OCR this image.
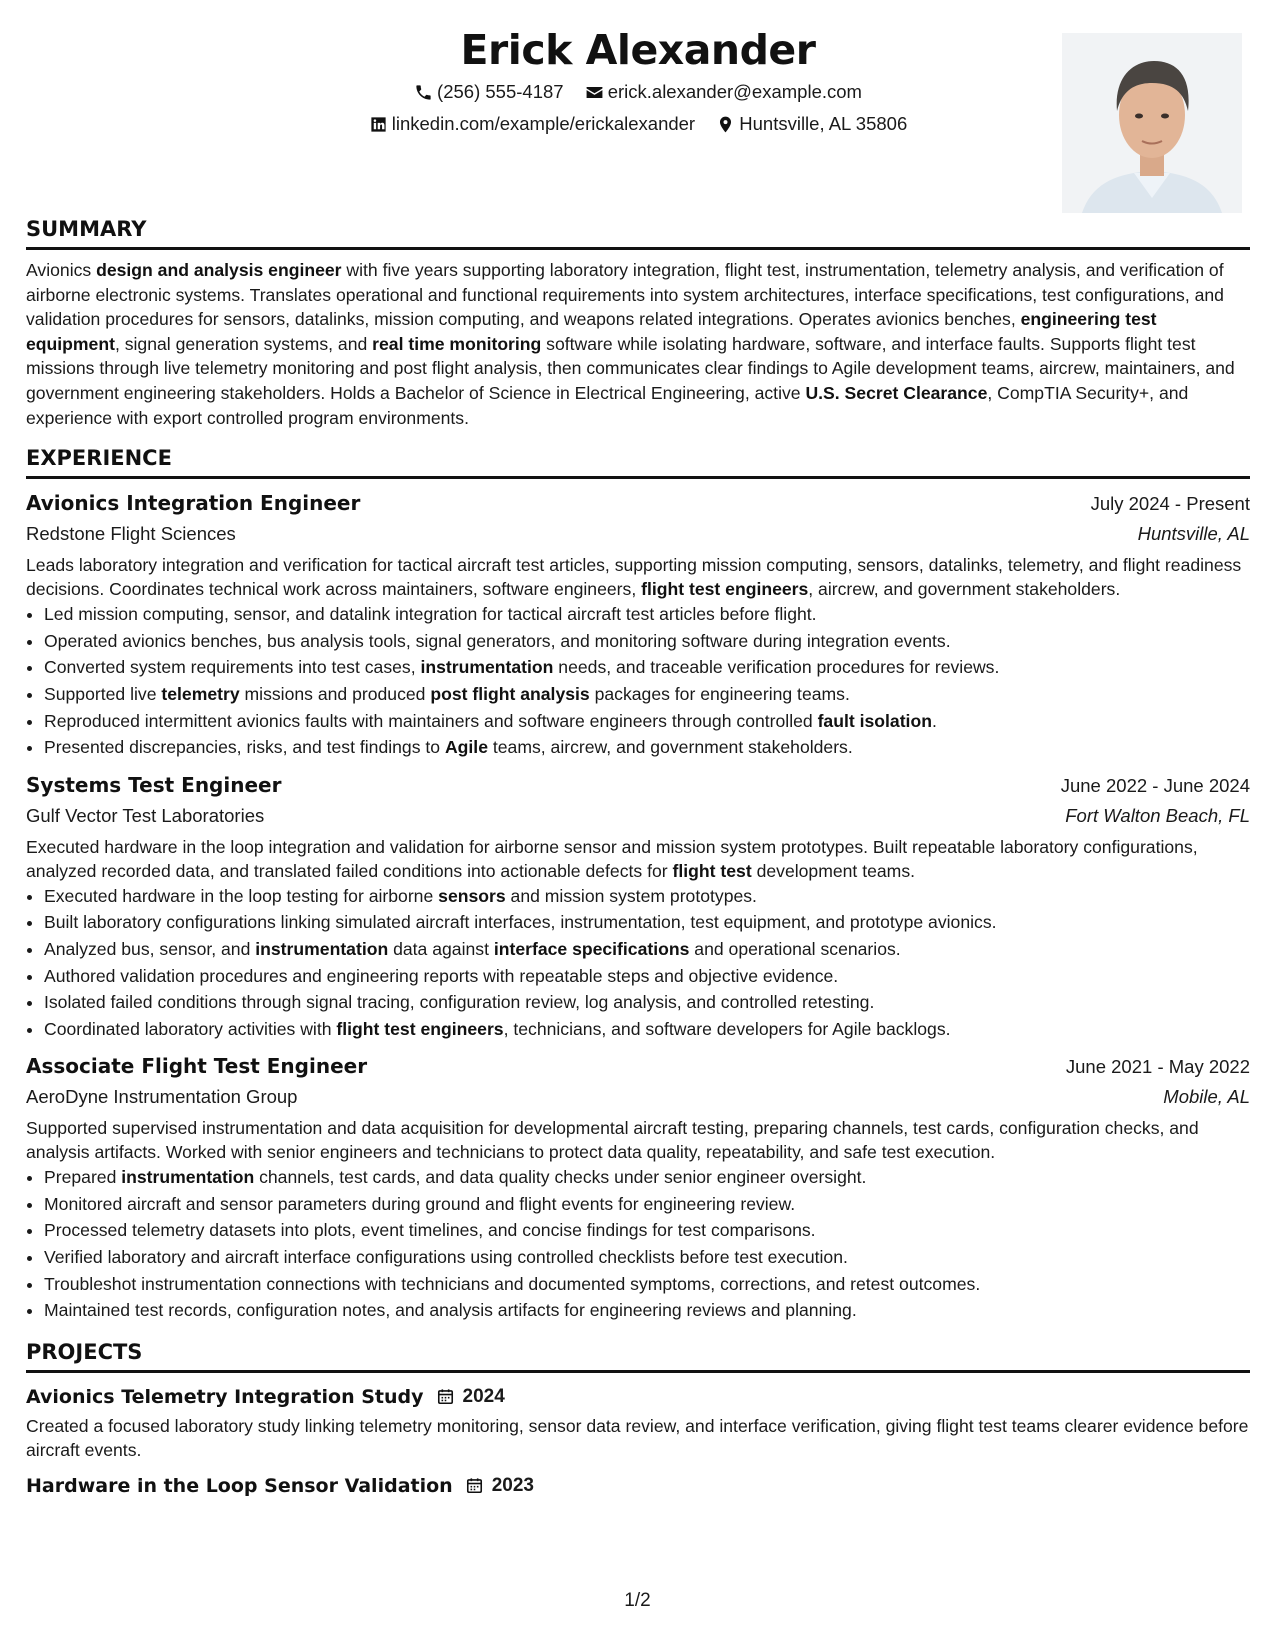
Erick Alexander
(256) 555-4187
erick.alexander@example.com
linkedin.com/example/erickalexander
Huntsville, AL 35806
SUMMARY
Avionics design and analysis engineer with five years supporting laboratory integration, flight test, instrumentation, telemetry analysis, and verification of airborne electronic systems. Translates operational and functional requirements into system architectures, interface specifications, test configurations, and validation procedures for sensors, datalinks, mission computing, and weapons related integrations. Operates avionics benches, engineering test equipment, signal generation systems, and real time monitoring software while isolating hardware, software, and interface faults. Supports flight test missions through live telemetry monitoring and post flight analysis, then communicates clear findings to Agile development teams, aircrew, maintainers, and government engineering stakeholders. Holds a Bachelor of Science in Electrical Engineering, active U.S. Secret Clearance, CompTIA Security+, and experience with export controlled program environments.
EXPERIENCE
Avionics Integration Engineer	July 2024 - Present
Redstone Flight Sciences	Huntsville, AL
Leads laboratory integration and verification for tactical aircraft test articles, supporting mission computing, sensors, datalinks, telemetry, and flight readiness decisions. Coordinates technical work across maintainers, software engineers, flight test engineers, aircrew, and government stakeholders.
• Led mission computing, sensor, and datalink integration for tactical aircraft test articles before flight.
• Operated avionics benches, bus analysis tools, signal generators, and monitoring software during integration events.
• Converted system requirements into test cases, instrumentation needs, and traceable verification procedures for reviews.
• Supported live telemetry missions and produced post flight analysis packages for engineering teams.
• Reproduced intermittent avionics faults with maintainers and software engineers through controlled fault isolation.
• Presented discrepancies, risks, and test findings to Agile teams, aircrew, and government stakeholders.
Systems Test Engineer	June 2022 - June 2024
Gulf Vector Test Laboratories	Fort Walton Beach, FL
Executed hardware in the loop integration and validation for airborne sensor and mission system prototypes. Built repeatable laboratory configurations, analyzed recorded data, and translated failed conditions into actionable defects for flight test development teams.
• Executed hardware in the loop testing for airborne sensors and mission system prototypes.
• Built laboratory configurations linking simulated aircraft interfaces, instrumentation, test equipment, and prototype avionics.
• Analyzed bus, sensor, and instrumentation data against interface specifications and operational scenarios.
• Authored validation procedures and engineering reports with repeatable steps and objective evidence.
• Isolated failed conditions through signal tracing, configuration review, log analysis, and controlled retesting.
• Coordinated laboratory activities with flight test engineers, technicians, and software developers for Agile backlogs.
Associate Flight Test Engineer	June 2021 - May 2022
AeroDyne Instrumentation Group	Mobile, AL
Supported supervised instrumentation and data acquisition for developmental aircraft testing, preparing channels, test cards, configuration checks, and analysis artifacts. Worked with senior engineers and technicians to protect data quality, repeatability, and safe test execution.
• Prepared instrumentation channels, test cards, and data quality checks under senior engineer oversight.
• Monitored aircraft and sensor parameters during ground and flight events for engineering review.
• Processed telemetry datasets into plots, event timelines, and concise findings for test comparisons.
• Verified laboratory and aircraft interface configurations using controlled checklists before test execution.
• Troubleshot instrumentation connections with technicians and documented symptoms, corrections, and retest outcomes.
• Maintained test records, configuration notes, and analysis artifacts for engineering reviews and planning.
PROJECTS
Avionics Telemetry Integration Study 2024
Created a focused laboratory study linking telemetry monitoring, sensor data review, and interface verification, giving flight test teams clearer evidence before aircraft events.
Hardware in the Loop Sensor Validation 2023
1/2
